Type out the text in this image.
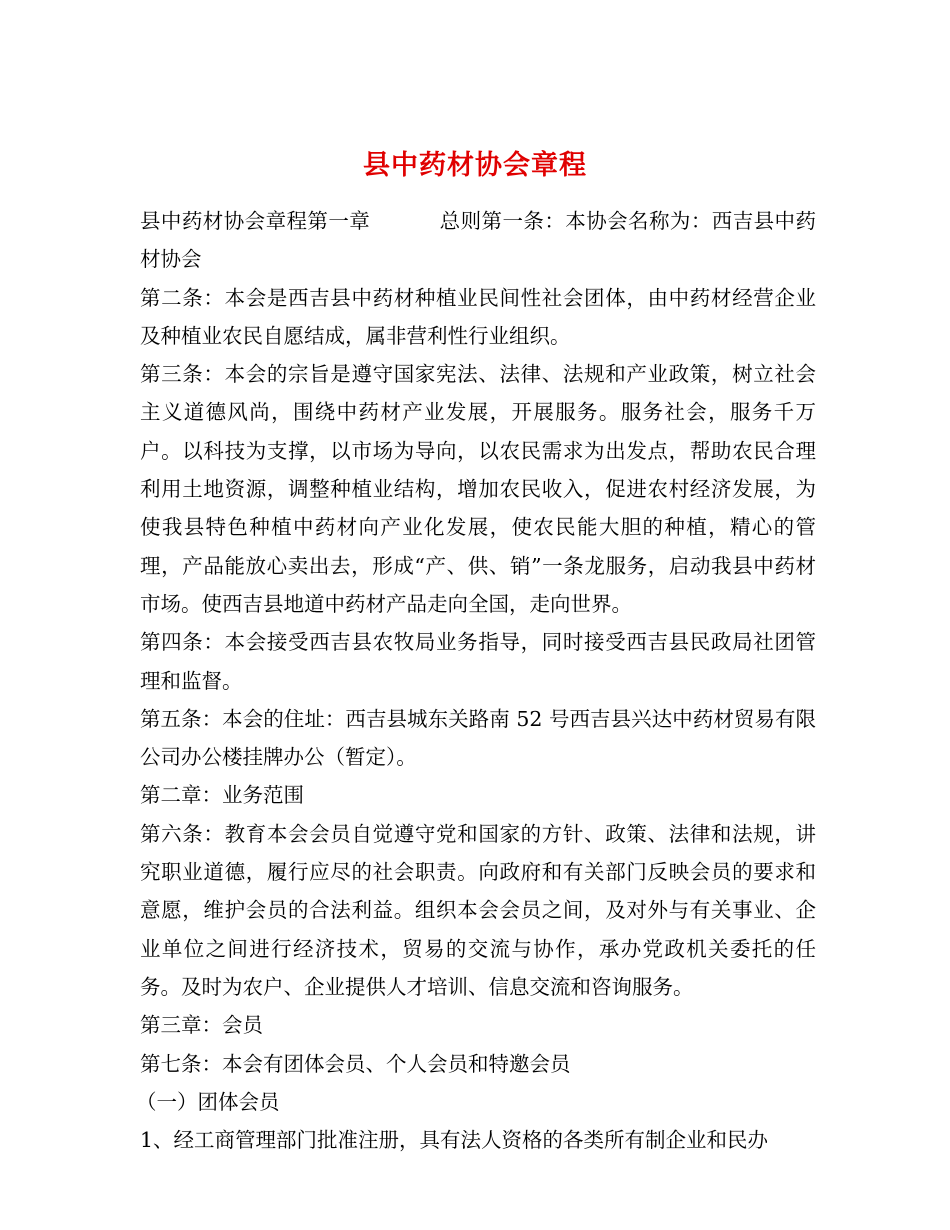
县中药材协会章程

县中药材协会章程第一章          总则第一条：本协会名称为：西吉县中药材协会

第二条：本会是西吉县中药材种植业民间性社会团体，由中药材经营企业及种植业农民自愿结成，属非营利性行业组织。

第三条：本会的宗旨是遵守国家宪法、法律、法规和产业政策，树立社会主义道德风尚，围绕中药材产业发展，开展服务。服务社会，服务千万户。以科技为支撑，以市场为导向，以农民需求为出发点，帮助农民合理利用土地资源，调整种植业结构，增加农民收入，促进农村经济发展，为使我县特色种植中药材向产业化发展，使农民能大胆的种植，精心的管理，产品能放心卖出去，形成“产、供、销”一条龙服务，启动我县中药材市场。使西吉县地道中药材产品走向全国，走向世界。

第四条：本会接受西吉县农牧局业务指导，同时接受西吉县民政局社团管理和监督。

第五条：本会的住址：西吉县城东关路南 52 号西吉县兴达中药材贸易有限公司办公楼挂牌办公（暂定）。

第二章：业务范围

第六条：教育本会会员自觉遵守党和国家的方针、政策、法律和法规，讲究职业道德，履行应尽的社会职责。向政府和有关部门反映会员的要求和意愿，维护会员的合法利益。组织本会会员之间，及对外与有关事业、企业单位之间进行经济技术，贸易的交流与协作，承办党政机关委托的任务。及时为农户、企业提供人才培训、信息交流和咨询服务。

第三章：会员

第七条：本会有团体会员、个人会员和特邀会员

（一）团体会员

1、经工商管理部门批准注册，具有法人资格的各类所有制企业和民办
